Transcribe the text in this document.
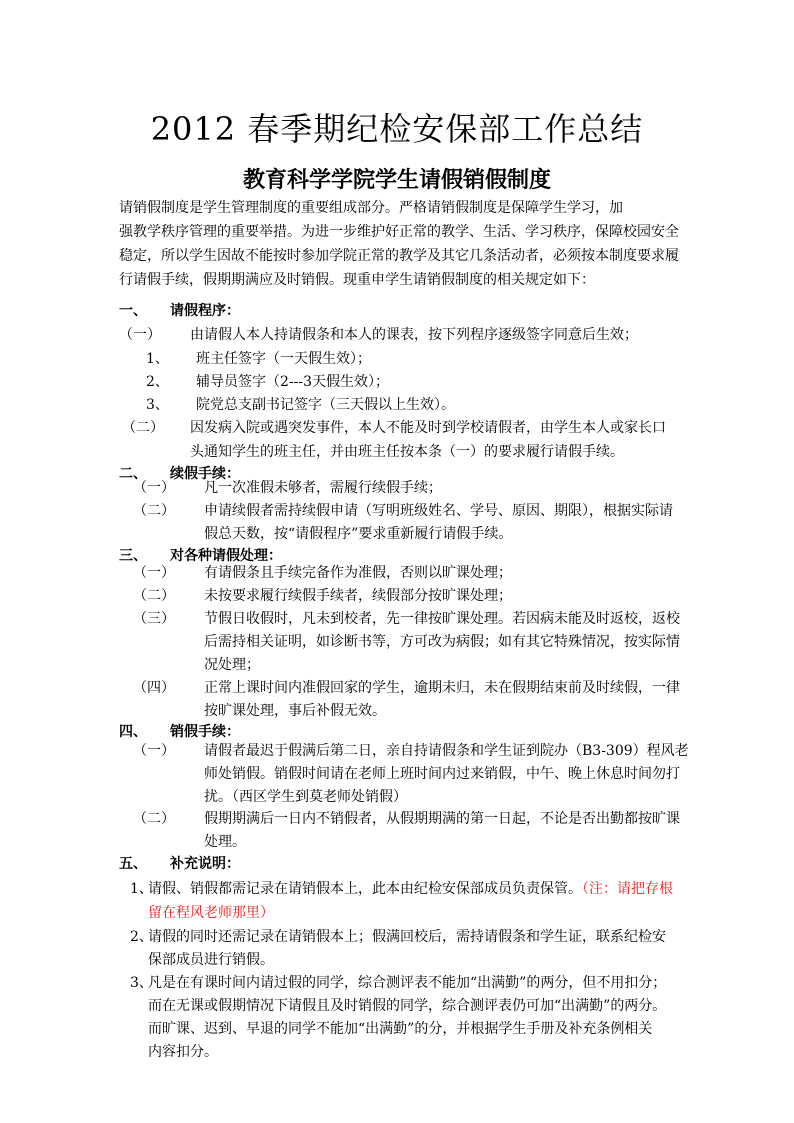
2012 春季期纪检安保部工作总结
教育科学学院学生请假销假制度
请销假制度是学生管理制度的重要组成部分。严格请销假制度是保障学生学习，加
强教学秩序管理的重要举措。为进一步维护好正常的教学、生活、学习秩序，保障校园安全
稳定，所以学生因故不能按时参加学院正常的教学及其它几条活动者，必须按本制度要求履
行请假手续，假期期满应及时销假。现重申学生请销假制度的相关规定如下：
一、 请假程序：
（一） 由请假人本人持请假条和本人的课表，按下列程序逐级签字同意后生效；
1、 班主任签字（一天假生效）；
2、 辅导员签字（2---3天假生效）；
3、 院党总支副书记签字（三天假以上生效）。
（二） 因发病入院或遇突发事件，本人不能及时到学校请假者，由学生本人或家长口
头通知学生的班主任，并由班主任按本条（一）的要求履行请假手续。
二、 续假手续：
（一） 凡一次准假未够者，需履行续假手续；
（二） 申请续假者需持续假申请（写明班级姓名、学号、原因、期限），根据实际请
假总天数，按“请假程序”要求重新履行请假手续。
三、 对各种请假处理：
（一） 有请假条且手续完备作为准假，否则以旷课处理；
（二） 未按要求履行续假手续者，续假部分按旷课处理；
（三） 节假日收假时，凡未到校者，先一律按旷课处理。若因病未能及时返校，返校
后需持相关证明，如诊断书等，方可改为病假；如有其它特殊情况，按实际情
况处理；
（四） 正常上课时间内准假回家的学生，逾期未归，未在假期结束前及时续假，一律
按旷课处理，事后补假无效。
四、 销假手续：
（一） 请假者最迟于假满后第二日，亲自持请假条和学生证到院办（B3-309）程风老
师处销假。销假时间请在老师上班时间内过来销假，中午、晚上休息时间勿打
扰。（西区学生到莫老师处销假）
（二） 假期期满后一日内不销假者，从假期期满的第一日起，不论是否出勤都按旷课
处理。
五、 补充说明：
1、
请假、销假都需记录在请销假本上，此本由纪检安保部成员负责保管。（注：请把存根
留在程风老师那里）
2、
请假的同时还需记录在请销假本上；假满回校后，需持请假条和学生证，联系纪检安
保部成员进行销假。
3、
凡是在有课时间内请过假的同学，综合测评表不能加“出满勤”的两分，但不用扣分；
而在无课或假期情况下请假且及时销假的同学，综合测评表仍可加“出满勤”的两分。
而旷课、迟到、早退的同学不能加“出满勤”的分，并根据学生手册及补充条例相关
内容扣分。
